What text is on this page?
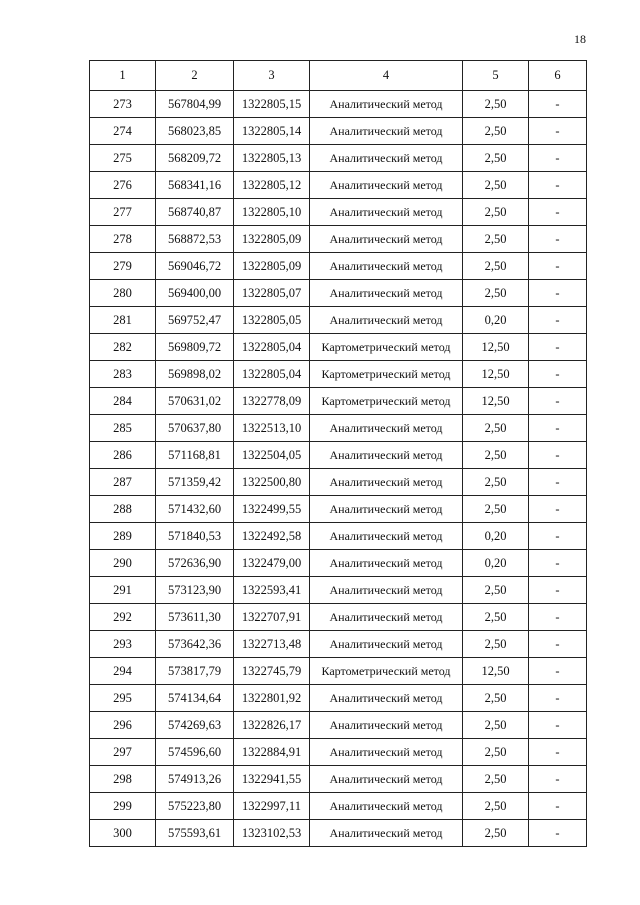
18
1	2	3	4	5	6
273	567804,99	1322805,15	Аналитический метод	2,50	-
274	568023,85	1322805,14	Аналитический метод	2,50	-
275	568209,72	1322805,13	Аналитический метод	2,50	-
276	568341,16	1322805,12	Аналитический метод	2,50	-
277	568740,87	1322805,10	Аналитический метод	2,50	-
278	568872,53	1322805,09	Аналитический метод	2,50	-
279	569046,72	1322805,09	Аналитический метод	2,50	-
280	569400,00	1322805,07	Аналитический метод	2,50	-
281	569752,47	1322805,05	Аналитический метод	0,20	-
282	569809,72	1322805,04	Картометрический метод	12,50	-
283	569898,02	1322805,04	Картометрический метод	12,50	-
284	570631,02	1322778,09	Картометрический метод	12,50	-
285	570637,80	1322513,10	Аналитический метод	2,50	-
286	571168,81	1322504,05	Аналитический метод	2,50	-
287	571359,42	1322500,80	Аналитический метод	2,50	-
288	571432,60	1322499,55	Аналитический метод	2,50	-
289	571840,53	1322492,58	Аналитический метод	0,20	-
290	572636,90	1322479,00	Аналитический метод	0,20	-
291	573123,90	1322593,41	Аналитический метод	2,50	-
292	573611,30	1322707,91	Аналитический метод	2,50	-
293	573642,36	1322713,48	Аналитический метод	2,50	-
294	573817,79	1322745,79	Картометрический метод	12,50	-
295	574134,64	1322801,92	Аналитический метод	2,50	-
296	574269,63	1322826,17	Аналитический метод	2,50	-
297	574596,60	1322884,91	Аналитический метод	2,50	-
298	574913,26	1322941,55	Аналитический метод	2,50	-
299	575223,80	1322997,11	Аналитический метод	2,50	-
300	575593,61	1323102,53	Аналитический метод	2,50	-
